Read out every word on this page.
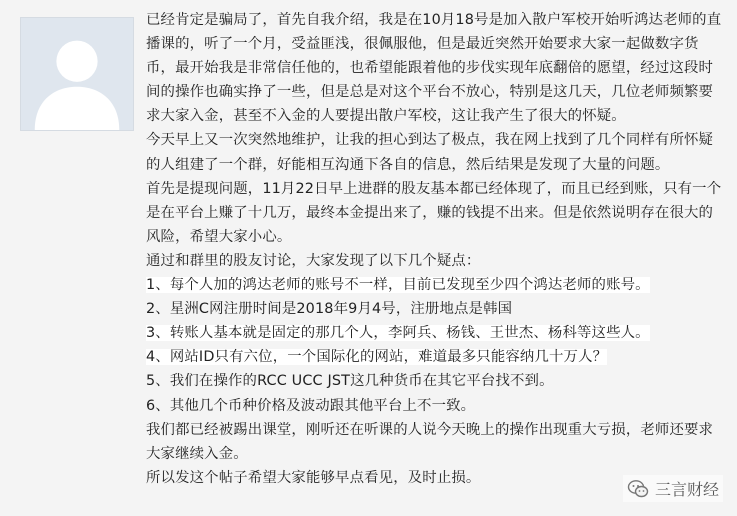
已经肯定是骗局了，首先自我介绍，我是在10月18号是加入散户军校开始听鸿达老师的直播课的，听了一个月，受益匪浅，很佩服他，但是最近突然开始要求大家一起做数字货币，最开始我是非常信任他的，也希望能跟着他的步伐实现年底翻倍的愿望，经过这段时间的操作也确实挣了一些，但是总是对这个平台不放心，特别是这几天，几位老师频繁要求大家入金，甚至不入金的人要提出散户军校，这让我产生了很大的怀疑。

今天早上又一次突然地维护，让我的担心到达了极点，我在网上找到了几个同样有所怀疑的人组建了一个群，好能相互沟通下各自的信息，然后结果是发现了大量的问题。

首先是提现问题，11月22日早上进群的股友基本都已经体现了，而且已经到账，只有一个是在平台上赚了十几万，最终本金提出来了，赚的钱提不出来。但是依然说明存在很大的风险，希望大家小心。

通过和群里的股友讨论，大家发现了以下几个疑点：

1、每个人加的鸿达老师的账号不一样，目前已发现至少四个鸿达老师的账号。

2、星洲C网注册时间是2018年9月4号，注册地点是韩国

3、转账人基本就是固定的那几个人，李阿兵、杨钱、王世杰、杨科等这些人。

4、网站ID只有六位，一个国际化的网站，难道最多只能容纳几十万人？

5、我们在操作的RCC UCC JST这几种货币在其它平台找不到。

6、其他几个币种价格及波动跟其他平台上不一致。

我们都已经被踢出课堂，刚听还在听课的人说今天晚上的操作出现重大亏损，老师还要求大家继续入金。

所以发这个帖子希望大家能够早点看见，及时止损。

三言财经
